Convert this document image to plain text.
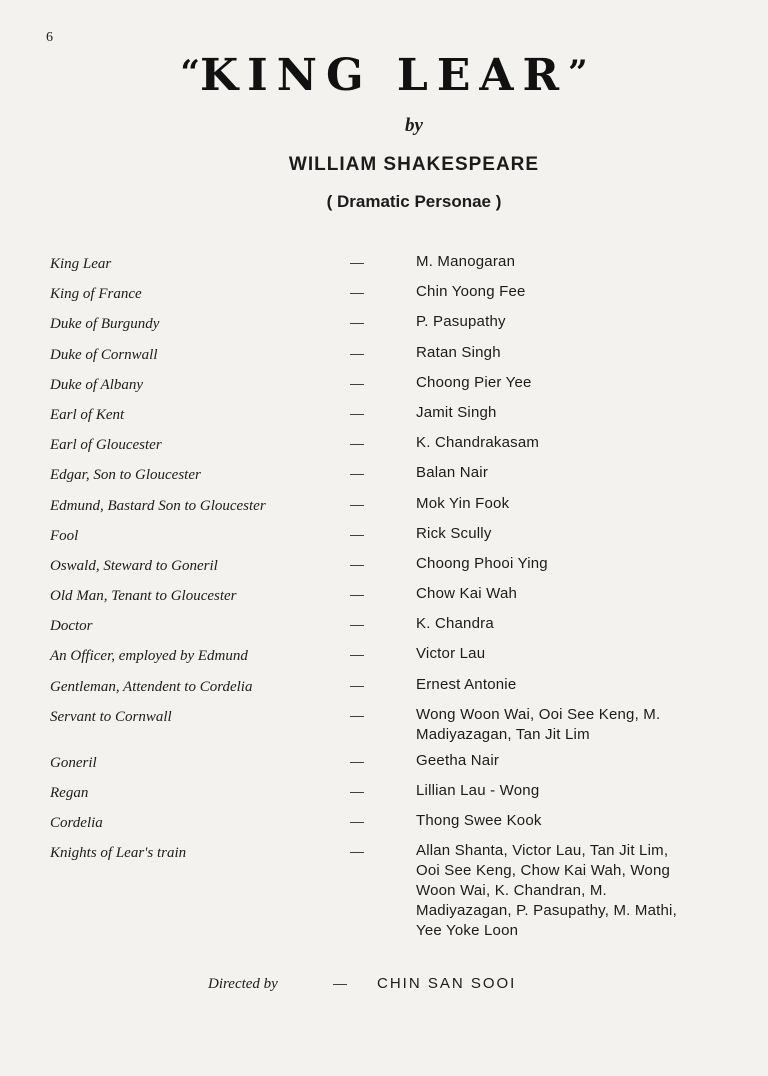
6
“KING LEAR”
by
WILLIAM SHAKESPEARE
( Dramatic Personae )
King Lear	—	M. Manogaran
King of France	—	Chin Yoong Fee
Duke of Burgundy	—	P. Pasupathy
Duke of Cornwall	—	Ratan Singh
Duke of Albany	—	Choong Pier Yee
Earl of Kent	—	Jamit Singh
Earl of Gloucester	—	K. Chandrakasam
Edgar, Son to Gloucester	—	Balan Nair
Edmund, Bastard Son to Gloucester	—	Mok Yin Fook
Fool	—	Rick Scully
Oswald, Steward to Goneril	—	Choong Phooi Ying
Old Man, Tenant to Gloucester	—	Chow Kai Wah
Doctor	—	K. Chandra
An Officer, employed by Edmund	—	Victor Lau
Gentleman, Attendent to Cordelia	—	Ernest Antonie
Servant to Cornwall	—	Wong Woon Wai, Ooi See Keng, M. Madiyazagan, Tan Jit Lim
Goneril	—	Geetha Nair
Regan	—	Lillian Lau - Wong
Cordelia	—	Thong Swee Kook
Knights of Lear's train	—	Allan Shanta, Victor Lau, Tan Jit Lim, Ooi See Keng, Chow Kai Wah, Wong Woon Wai, K. Chandran, M. Madiyazagan, P. Pasupathy, M. Mathi, Yee Yoke Loon
Directed by	—	CHIN SAN SOOI
